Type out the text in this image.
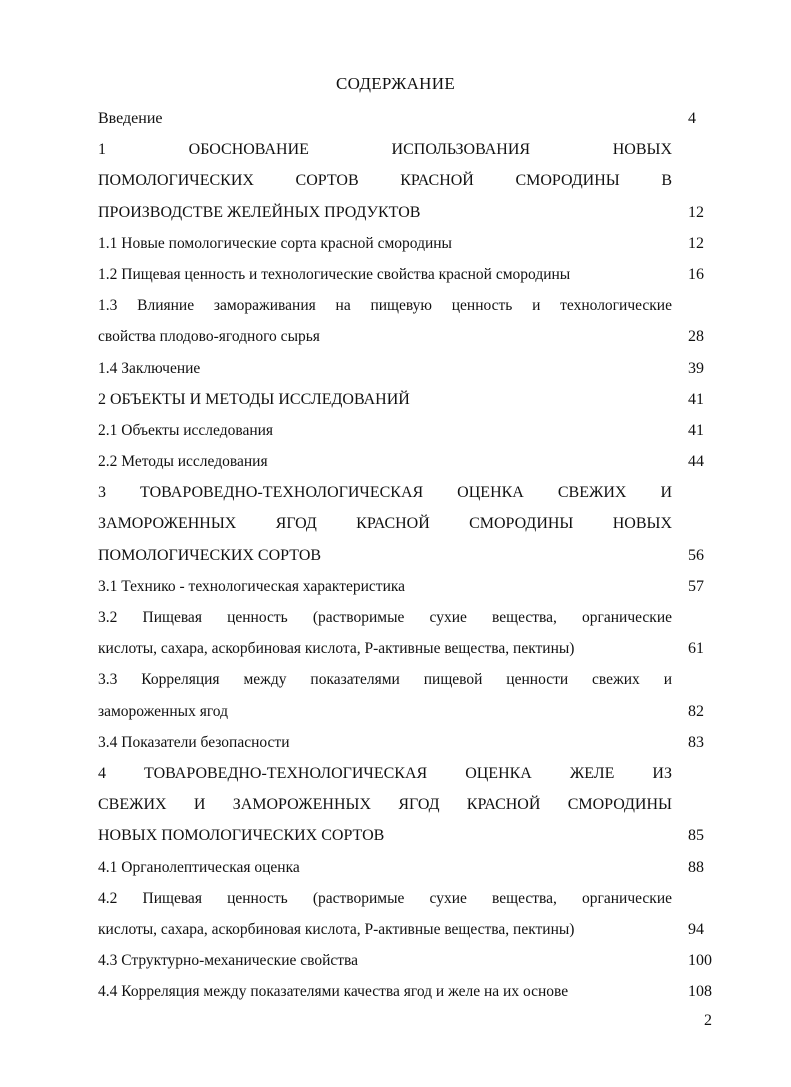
СОДЕРЖАНИЕ
Введение	4
1 ОБОСНОВАНИЕ ИСПОЛЬЗОВАНИЯ НОВЫХ
ПОМОЛОГИЧЕСКИХ СОРТОВ КРАСНОЙ СМОРОДИНЫ В
ПРОИЗВОДСТВЕ ЖЕЛЕЙНЫХ ПРОДУКТОВ	12
1.1 Новые помологические сорта красной смородины	12
1.2 Пищевая ценность и технологические свойства красной смородины	16
1.3 Влияние замораживания на пищевую ценность и технологические
свойства плодово-ягодного сырья	28
1.4 Заключение	39
2 ОБЪЕКТЫ И МЕТОДЫ ИССЛЕДОВАНИЙ	41
2.1 Объекты исследования	41
2.2 Методы исследования	44
3 ТОВАРОВЕДНО-ТЕХНОЛОГИЧЕСКАЯ ОЦЕНКА СВЕЖИХ И
ЗАМОРОЖЕННЫХ ЯГОД КРАСНОЙ СМОРОДИНЫ НОВЫХ
ПОМОЛОГИЧЕСКИХ СОРТОВ	56
3.1 Технико - технологическая характеристика	57
3.2 Пищевая ценность (растворимые сухие вещества, органические
кислоты, сахара, аскорбиновая кислота, Р-активные вещества, пектины)	61
3.3 Корреляция между показателями пищевой ценности свежих и
замороженных ягод	82
3.4 Показатели безопасности	83
4 ТОВАРОВЕДНО-ТЕХНОЛОГИЧЕСКАЯ ОЦЕНКА ЖЕЛЕ ИЗ
СВЕЖИХ И ЗАМОРОЖЕННЫХ ЯГОД КРАСНОЙ СМОРОДИНЫ
НОВЫХ ПОМОЛОГИЧЕСКИХ СОРТОВ	85
4.1 Органолептическая оценка	88
4.2 Пищевая ценность (растворимые сухие вещества, органические
кислоты, сахара, аскорбиновая кислота, Р-активные вещества, пектины)	94
4.3 Структурно-механические свойства	100
4.4 Корреляция между показателями качества ягод и желе на их основе	108
2
